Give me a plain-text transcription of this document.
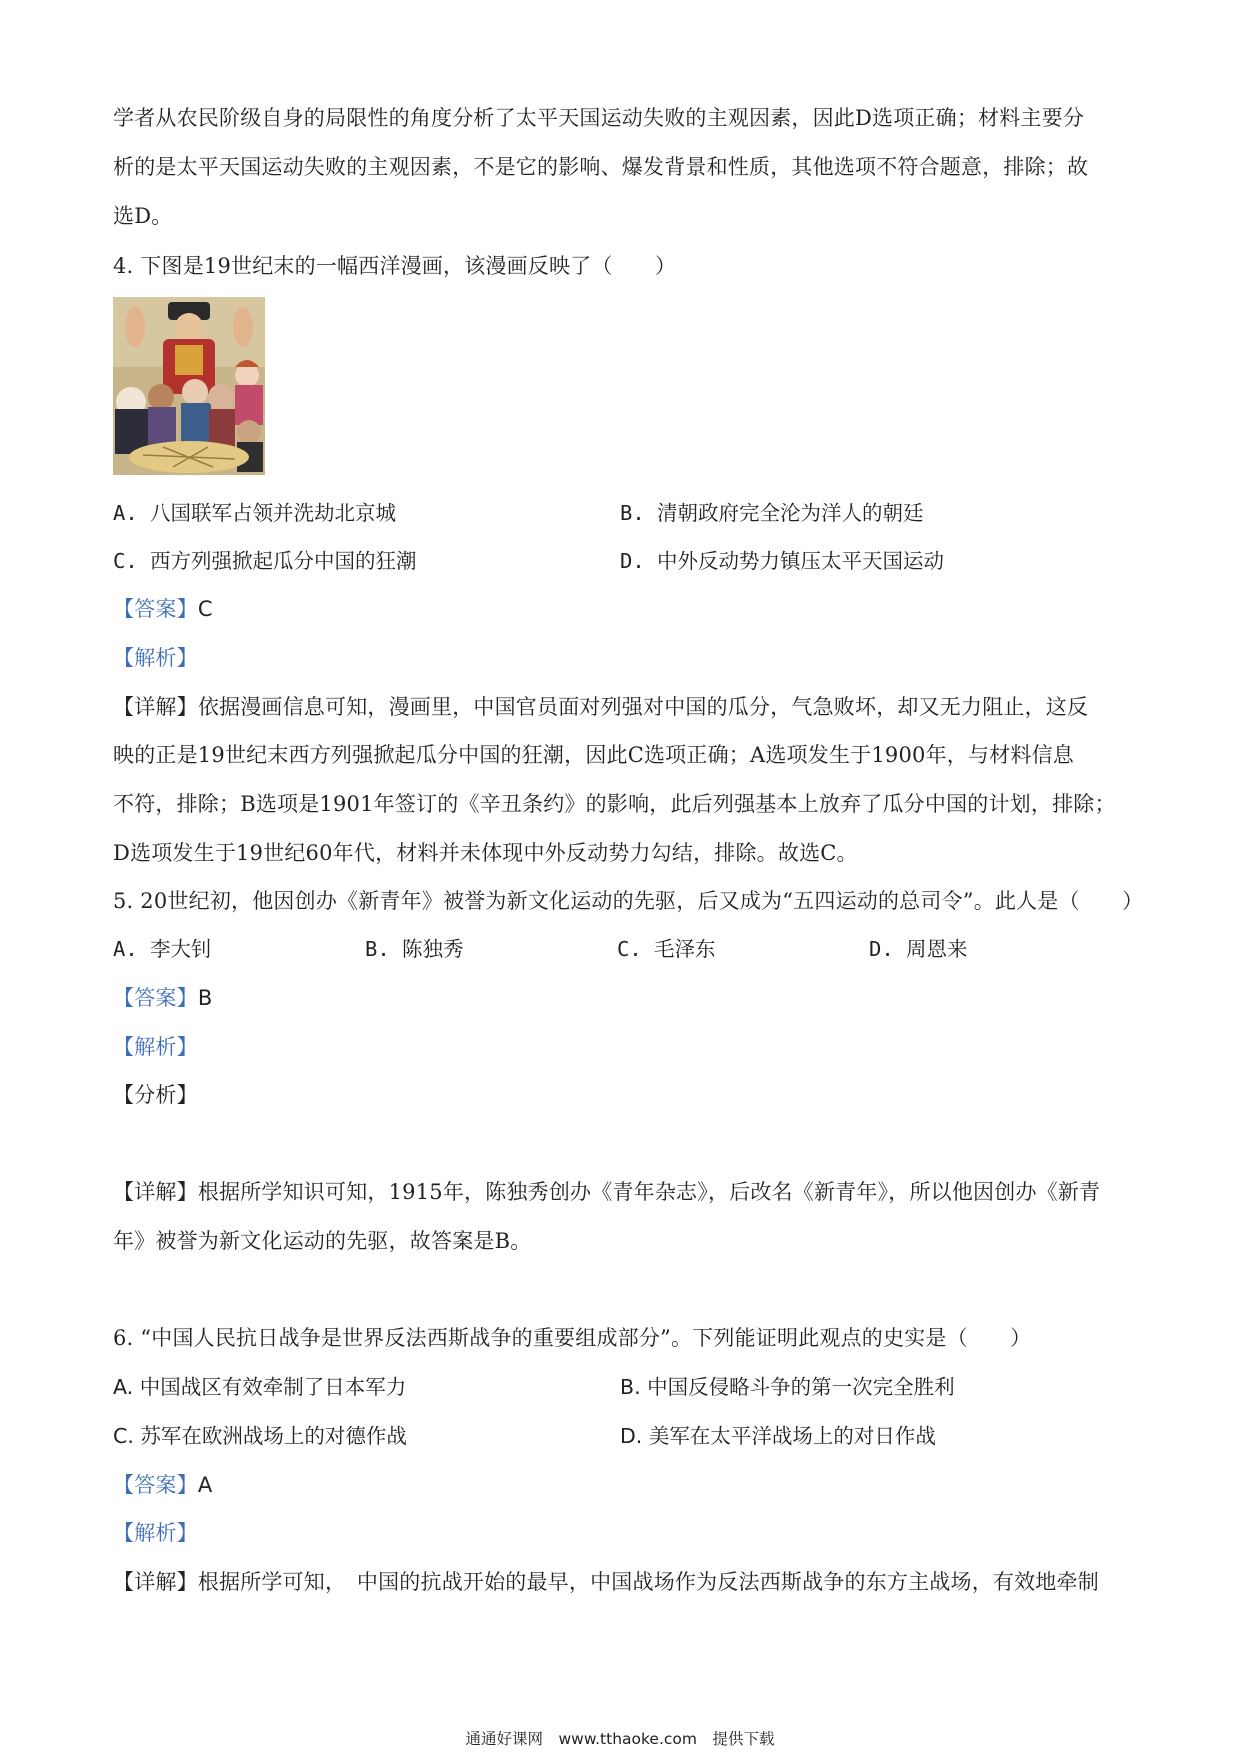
学者从农民阶级自身的局限性的角度分析了太平天国运动失败的主观因素，因此D选项正确；材料主要分
析的是太平天国运动失败的主观因素，不是它的影响、爆发背景和性质，其他选项不符合题意，排除；故
选D。
4. 下图是19世纪末的一幅西洋漫画，该漫画反映了（　　）
A. 八国联军占领并洗劫北京城	B. 清朝政府完全沦为洋人的朝廷
C. 西方列强掀起瓜分中国的狂潮	D. 中外反动势力镇压太平天国运动
【答案】C
【解析】
【详解】依据漫画信息可知，漫画里，中国官员面对列强对中国的瓜分，气急败坏，却又无力阻止，这反
映的正是19世纪末西方列强掀起瓜分中国的狂潮，因此C选项正确；A选项发生于1900年，与材料信息
不符，排除；B选项是1901年签订的《辛丑条约》的影响，此后列强基本上放弃了瓜分中国的计划，排除；
D选项发生于19世纪60年代，材料并未体现中外反动势力勾结，排除。故选C。
5. 20世纪初，他因创办《新青年》被誉为新文化运动的先驱，后又成为“五四运动的总司令”。此人是（　　）
A. 李大钊	B. 陈独秀	C. 毛泽东	D. 周恩来
【答案】B
【解析】
【分析】
【详解】根据所学知识可知，1915年，陈独秀创办《青年杂志》，后改名《新青年》，所以他因创办《新青
年》被誉为新文化运动的先驱，故答案是B。
6. “中国人民抗日战争是世界反法西斯战争的重要组成部分”。下列能证明此观点的史实是（　　）
A. 中国战区有效牵制了日本军力	B. 中国反侵略斗争的第一次完全胜利
C. 苏军在欧洲战场上的对德作战	D. 美军在太平洋战场上的对日作战
【答案】A
【解析】
【详解】根据所学可知，　中国的抗战开始的最早，中国战场作为反法西斯战争的东方主战场，有效地牵制
通通好课网　www.tthaoke.com　提供下载
